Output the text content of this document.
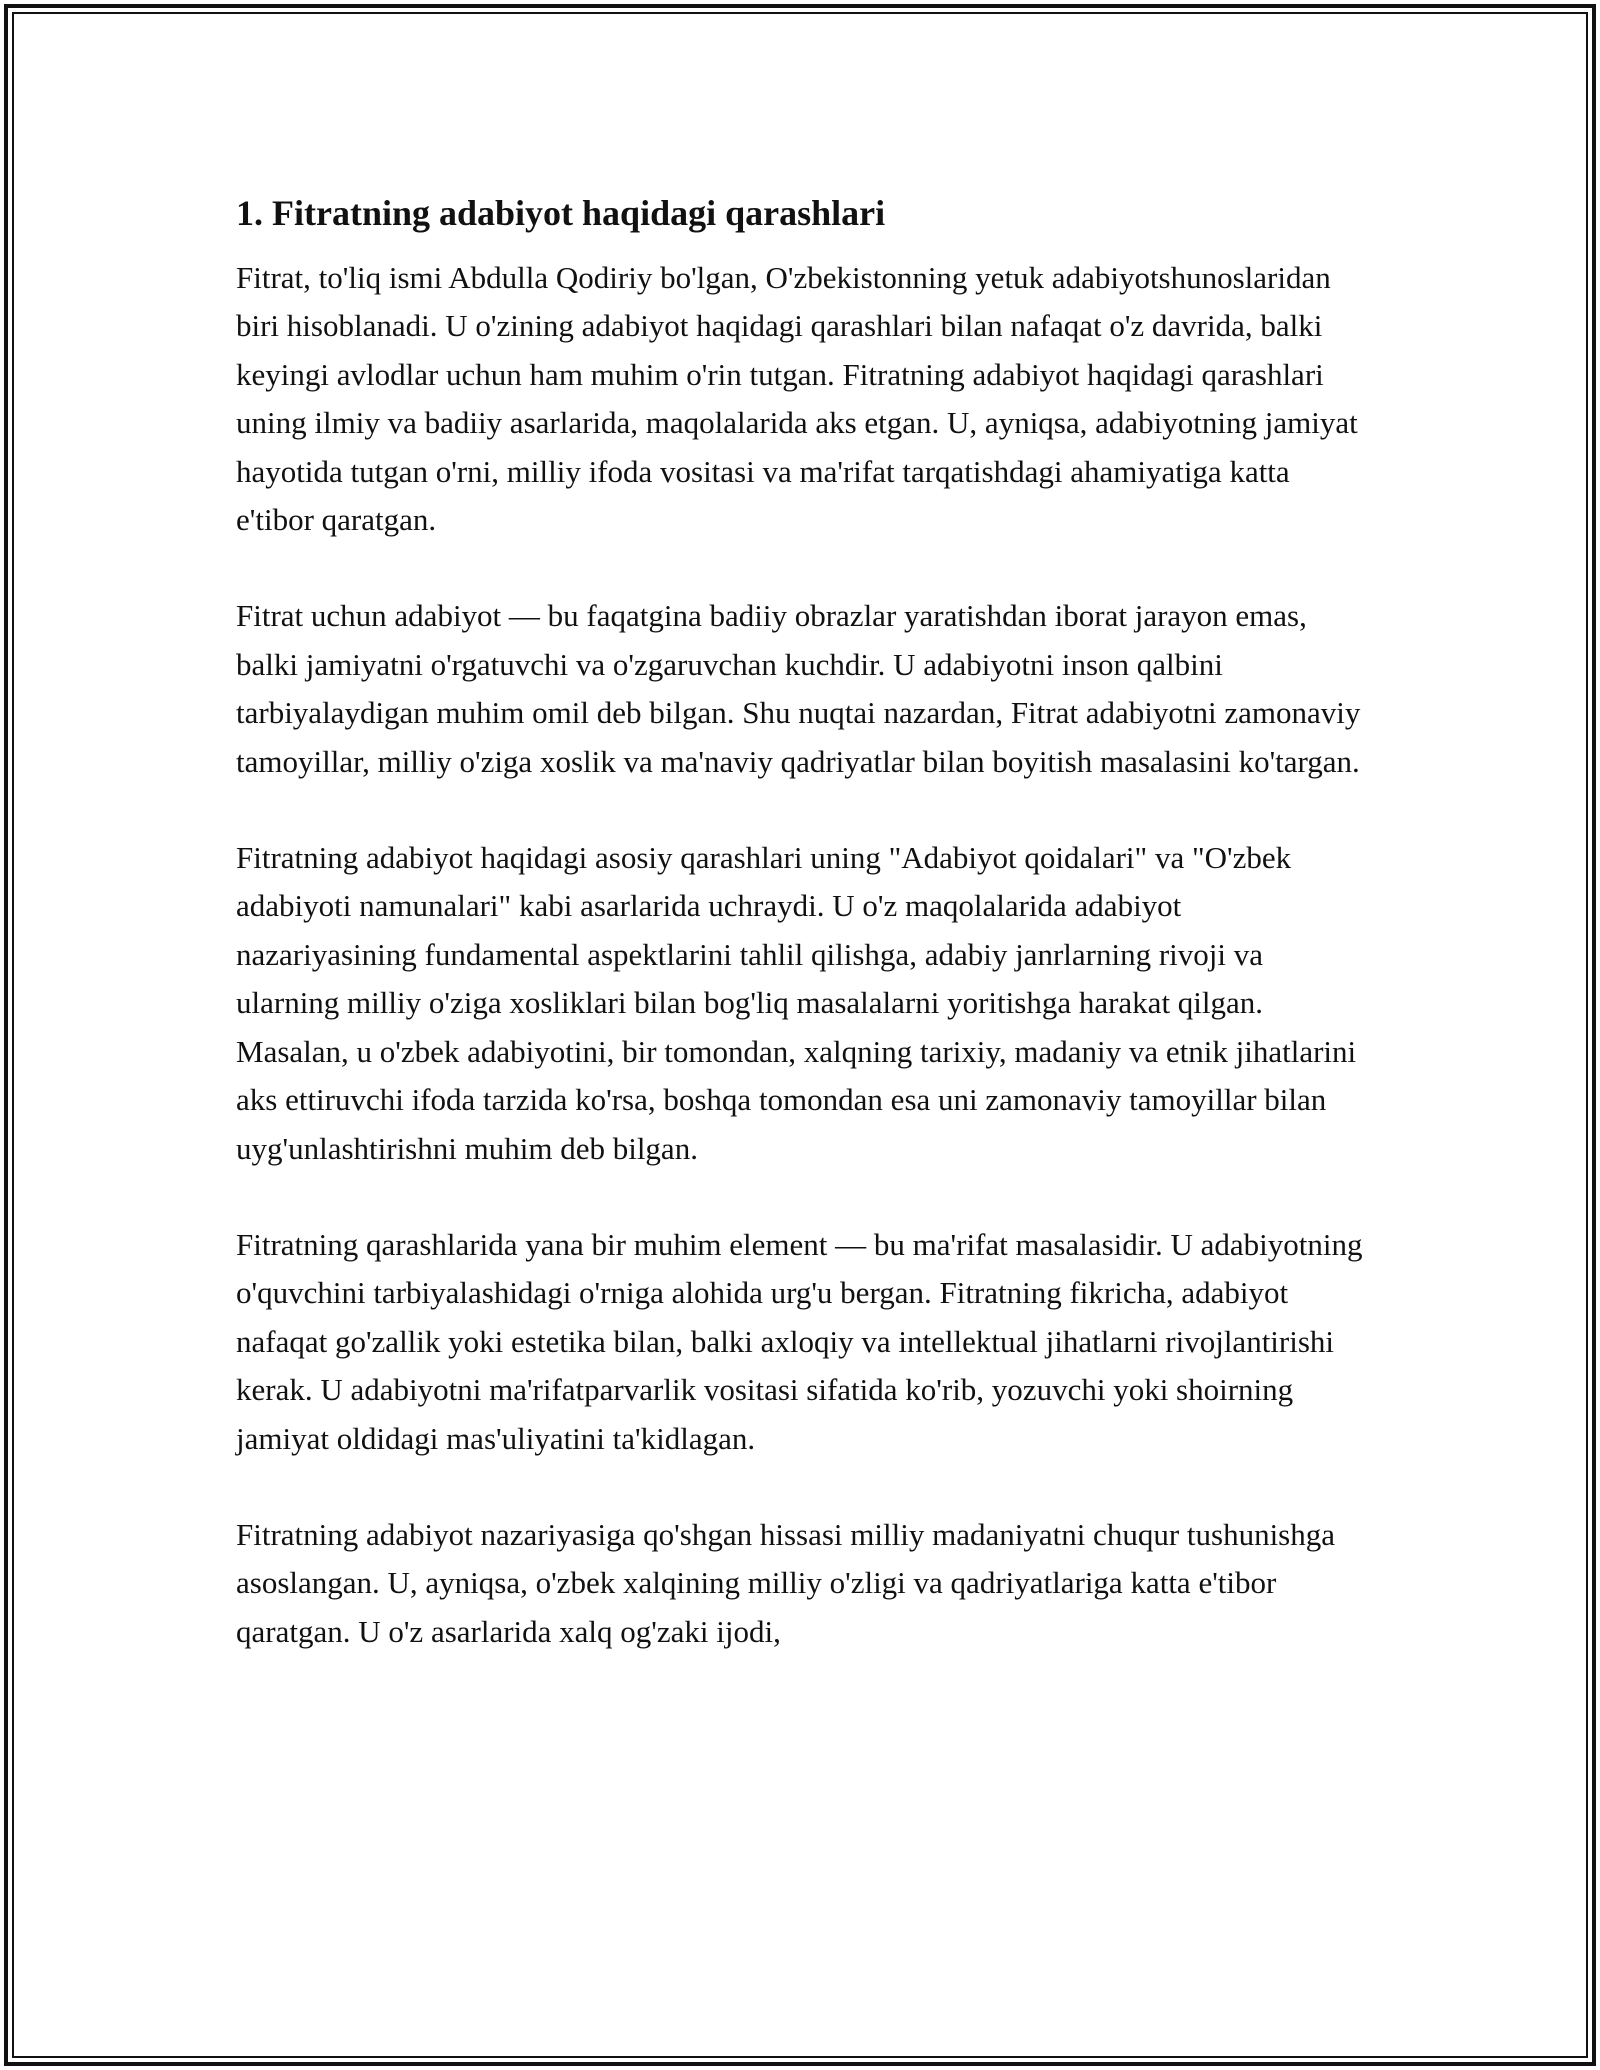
1. Fitratning adabiyot haqidagi qarashlari

Fitrat, to'liq ismi Abdulla Qodiriy bo'lgan, O'zbekistonning yetuk adabiyotshunoslaridan biri hisoblanadi. U o'zining adabiyot haqidagi qarashlari bilan nafaqat o'z davrida, balki keyingi avlodlar uchun ham muhim o'rin tutgan. Fitratning adabiyot haqidagi qarashlari uning ilmiy va badiiy asarlarida, maqolalarida aks etgan. U, ayniqsa, adabiyotning jamiyat hayotida tutgan o'rni, milliy ifoda vositasi va ma'rifat tarqatishdagi ahamiyatiga katta e'tibor qaratgan.

Fitrat uchun adabiyot — bu faqatgina badiiy obrazlar yaratishdan iborat jarayon emas, balki jamiyatni o'rgatuvchi va o'zgaruvchan kuchdir. U adabiyotni inson qalbini tarbiyalaydigan muhim omil deb bilgan. Shu nuqtai nazardan, Fitrat adabiyotni zamonaviy tamoyillar, milliy o'ziga xoslik va ma'naviy qadriyatlar bilan boyitish masalasini ko'targan.

Fitratning adabiyot haqidagi asosiy qarashlari uning "Adabiyot qoidalari" va "O'zbek adabiyoti namunalari" kabi asarlarida uchraydi. U o'z maqolalarida adabiyot nazariyasining fundamental aspektlarini tahlil qilishga, adabiy janrlarning rivoji va ularning milliy o'ziga xosliklari bilan bog'liq masalalarni yoritishga harakat qilgan. Masalan, u o'zbek adabiyotini, bir tomondan, xalqning tarixiy, madaniy va etnik jihatlarini aks ettiruvchi ifoda tarzida ko'rsa, boshqa tomondan esa uni zamonaviy tamoyillar bilan uyg'unlashtirishni muhim deb bilgan.

Fitratning qarashlarida yana bir muhim element — bu ma'rifat masalasidir. U adabiyotning o'quvchini tarbiyalashidagi o'rniga alohida urg'u bergan. Fitratning fikricha, adabiyot nafaqat go'zallik yoki estetika bilan, balki axloqiy va intellektual jihatlarni rivojlantirishi kerak. U adabiyotni ma'rifatparvarlik vositasi sifatida ko'rib, yozuvchi yoki shoirning jamiyat oldidagi mas'uliyatini ta'kidlagan.

Fitratning adabiyot nazariyasiga qo'shgan hissasi milliy madaniyatni chuqur tushunishga asoslangan. U, ayniqsa, o'zbek xalqining milliy o'zligi va qadriyatlariga katta e'tibor qaratgan. U o'z asarlarida xalq og'zaki ijodi,
